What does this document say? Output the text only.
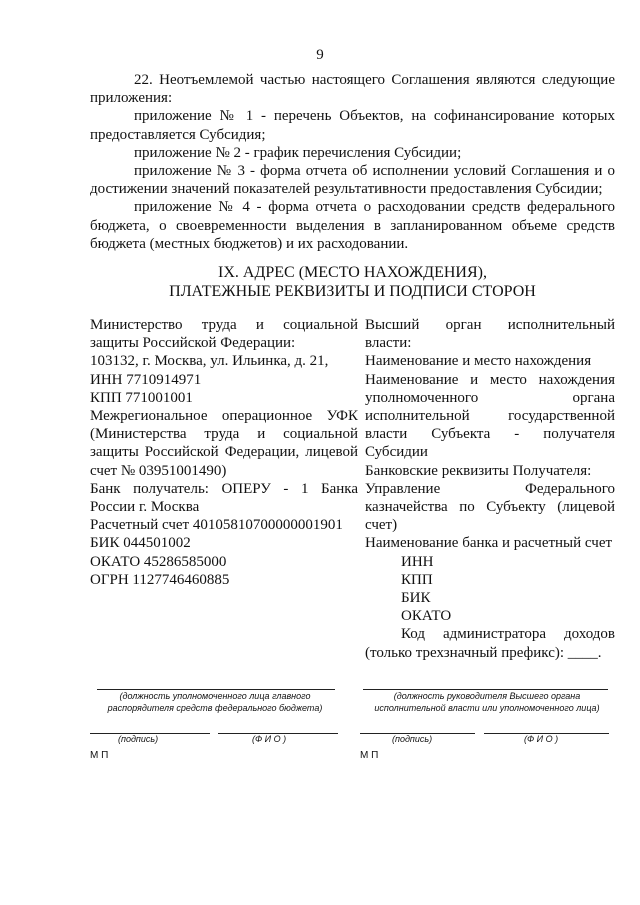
9

22. Неотъемлемой частью настоящего Соглашения являются следующие приложения:

приложение № 1 - перечень Объектов, на софинансирование которых предоставляется Субсидия;

приложение № 2 - график перечисления Субсидии;

приложение № 3 - форма отчета об исполнении условий Соглашения и о достижении значений показателей результативности предоставления Субсидии;

приложение № 4 - форма отчета о расходовании средств федерального бюджета, о своевременности выделения в запланированном объеме средств бюджета (местных бюджетов) и их расходовании.

IX. АДРЕС (МЕСТО НАХОЖДЕНИЯ),
ПЛАТЕЖНЫЕ РЕКВИЗИТЫ И ПОДПИСИ СТОРОН
Министерство труда и социальной защиты Российской Федерации:
103132, г. Москва, ул. Ильинка, д. 21,
ИНН 7710914971
КПП 771001001
Межрегиональное операционное УФК (Министерства труда и социальной защиты Российской Федерации, лицевой счет № 03951001490)
Банк получатель: ОПЕРУ - 1 Банка России г. Москва
Расчетный счет 40105810700000001901
БИК 044501002
ОКАТО 45286585000
ОГРН 1127746460885
Высший орган исполнительный власти:
Наименование и место нахождения
Наименование и место нахождения уполномоченного органа исполнительной государственной власти Субъекта - получателя Субсидии
Банковские реквизиты Получателя:
Управление Федерального казначейства по Субъекту (лицевой счет)
Наименование банка и расчетный счет
ИНН
КПП
БИК
ОКАТО
Код администратора доходов (только трехзначный префикс): ____.
(должность уполномоченного лица главного распорядителя средств федерального бюджета)
(подпись)	(Ф И О )
М П
(должность руководителя Высшего органа исполнительной власти или уполномоченного лица)
(подпись)	(Ф И О )
М П
